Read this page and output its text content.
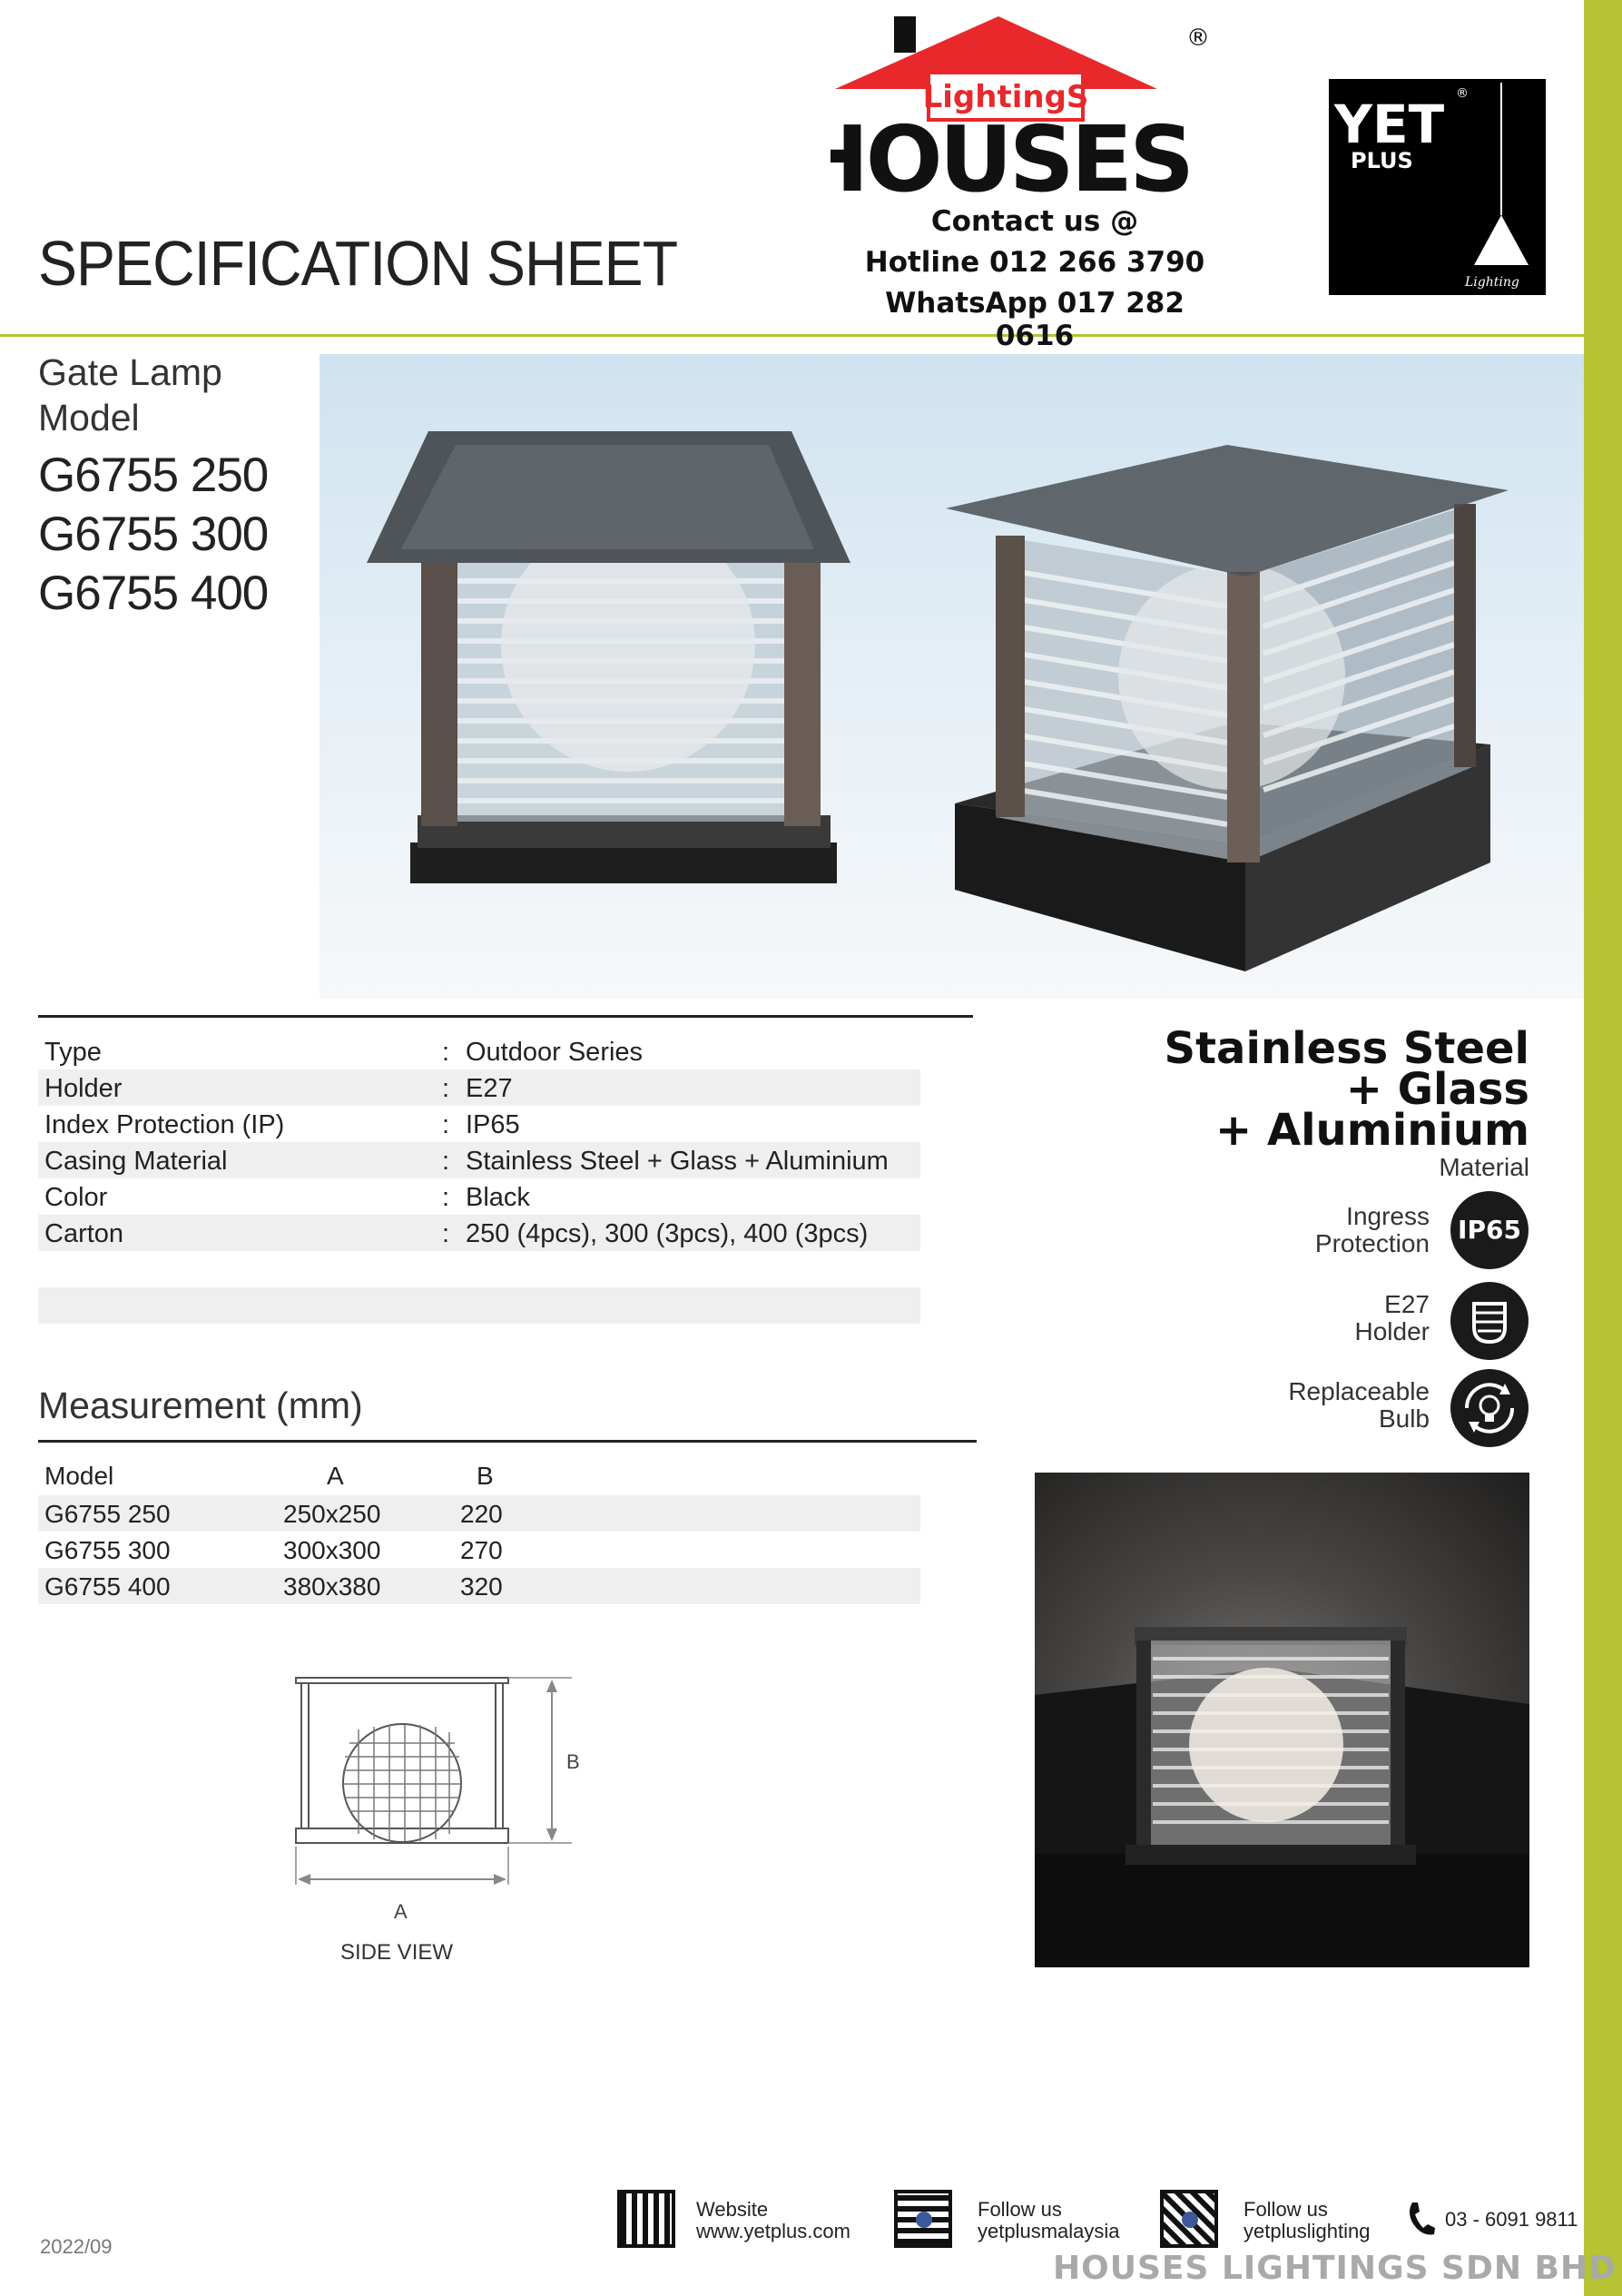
SPECIFICATION SHEET
LightingS
HOUSES
®
Contact us @
Hotline 012 266 3790
WhatsApp 017 282 0616
YET
PLUS
®
Lighting
Gate Lamp
Model
G6755 250
G6755 300
G6755 400
Type	: Outdoor Series
Holder	: E27
Index Protection (IP)	: IP65
Casing Material	: Stainless Steel + Glass + Aluminium
Color	: Black
Carton	: 250 (4pcs), 300 (3pcs), 400 (3pcs)
Stainless Steel
+ Glass
+ Aluminium
Material
Ingress
Protection IP65
E27
Holder
Replaceable
Bulb
Measurement (mm)
Model	A	B
G6755 250	250x250	220
G6755 300	300x300	270
G6755 400	380x380	320
B
A
SIDE VIEW
2022/09
Website
www.yetplus.com
Follow us
yetplusmalaysia
Follow us
yetpluslighting
03 - 6091 9811
HOUSES LIGHTINGS SDN BHD
